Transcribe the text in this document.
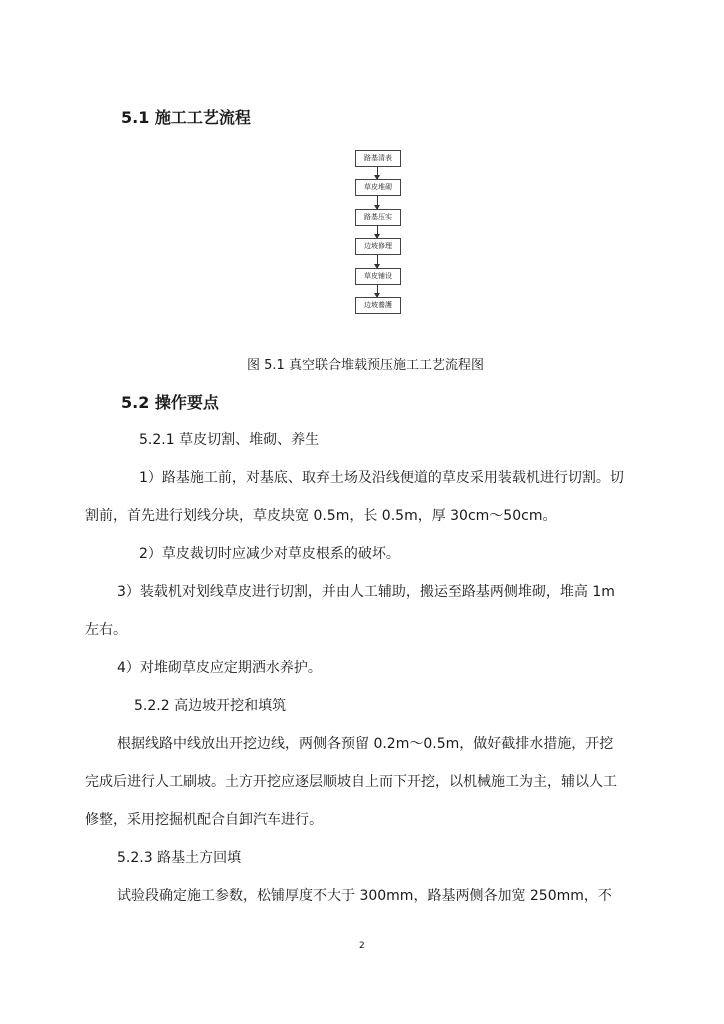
5.1 施工工艺流程
路基清表
草皮堆砌
路基压实
边坡修理
草皮铺设
边坡養護
图 5.1 真空联合堆载预压施工工艺流程图
5.2 操作要点
5.2.1 草皮切割、堆砌、养生
1）路基施工前，对基底、取弃土场及沿线便道的草皮采用装载机进行切割。切
割前，首先进行划线分块，草皮块宽 0.5m，长 0.5m，厚 30cm～50cm。
2）草皮裁切时应减少对草皮根系的破坏。
3）装载机对划线草皮进行切割，并由人工辅助，搬运至路基两侧堆砌，堆高 1m
左右。
4）对堆砌草皮应定期洒水养护。
5.2.2 高边坡开挖和填筑
根据线路中线放出开挖边线，两侧各预留 0.2m～0.5m，做好截排水措施，开挖
完成后进行人工刷坡。土方开挖应逐层顺坡自上而下开挖，以机械施工为主，辅以人工
修整，采用挖掘机配合自卸汽车进行。
5.2.3 路基土方回填
试验段确定施工参数，松铺厚度不大于 300mm，路基两侧各加宽 250mm，不
2
